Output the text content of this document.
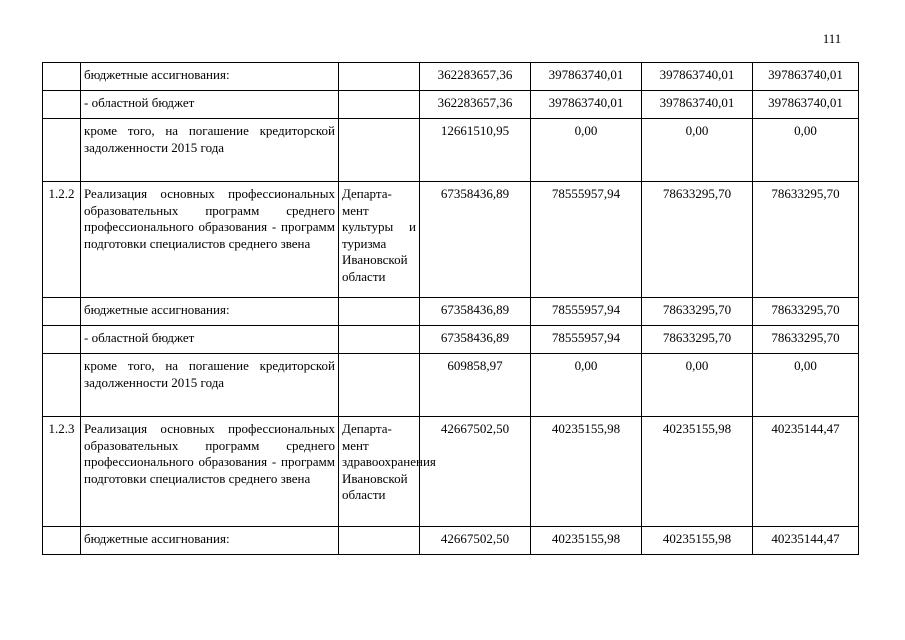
111
	бюджетные ассигнования:		362283657,36	397863740,01	397863740,01	397863740,01
	- областной бюджет		362283657,36	397863740,01	397863740,01	397863740,01
	кроме того, на погашение кредиторской задолженности 2015 года		12661510,95	0,00	0,00	0,00
1.2.2	Реализация основных профессиональных образовательных программ среднего профессионального образования - программ подготовки специалистов среднего звена	Департа-мент культуры и туризма Ивановской области	67358436,89	78555957,94	78633295,70	78633295,70
	бюджетные ассигнования:		67358436,89	78555957,94	78633295,70	78633295,70
	- областной бюджет		67358436,89	78555957,94	78633295,70	78633295,70
	кроме того, на погашение кредиторской задолженности 2015 года		609858,97	0,00	0,00	0,00
1.2.3	Реализация основных профессиональных образовательных программ среднего профессионального образования - программ подготовки специалистов среднего звена	Департа-мент здравоохранения Ивановской области	42667502,50	40235155,98	40235155,98	40235144,47
	бюджетные ассигнования:		42667502,50	40235155,98	40235155,98	40235144,47
